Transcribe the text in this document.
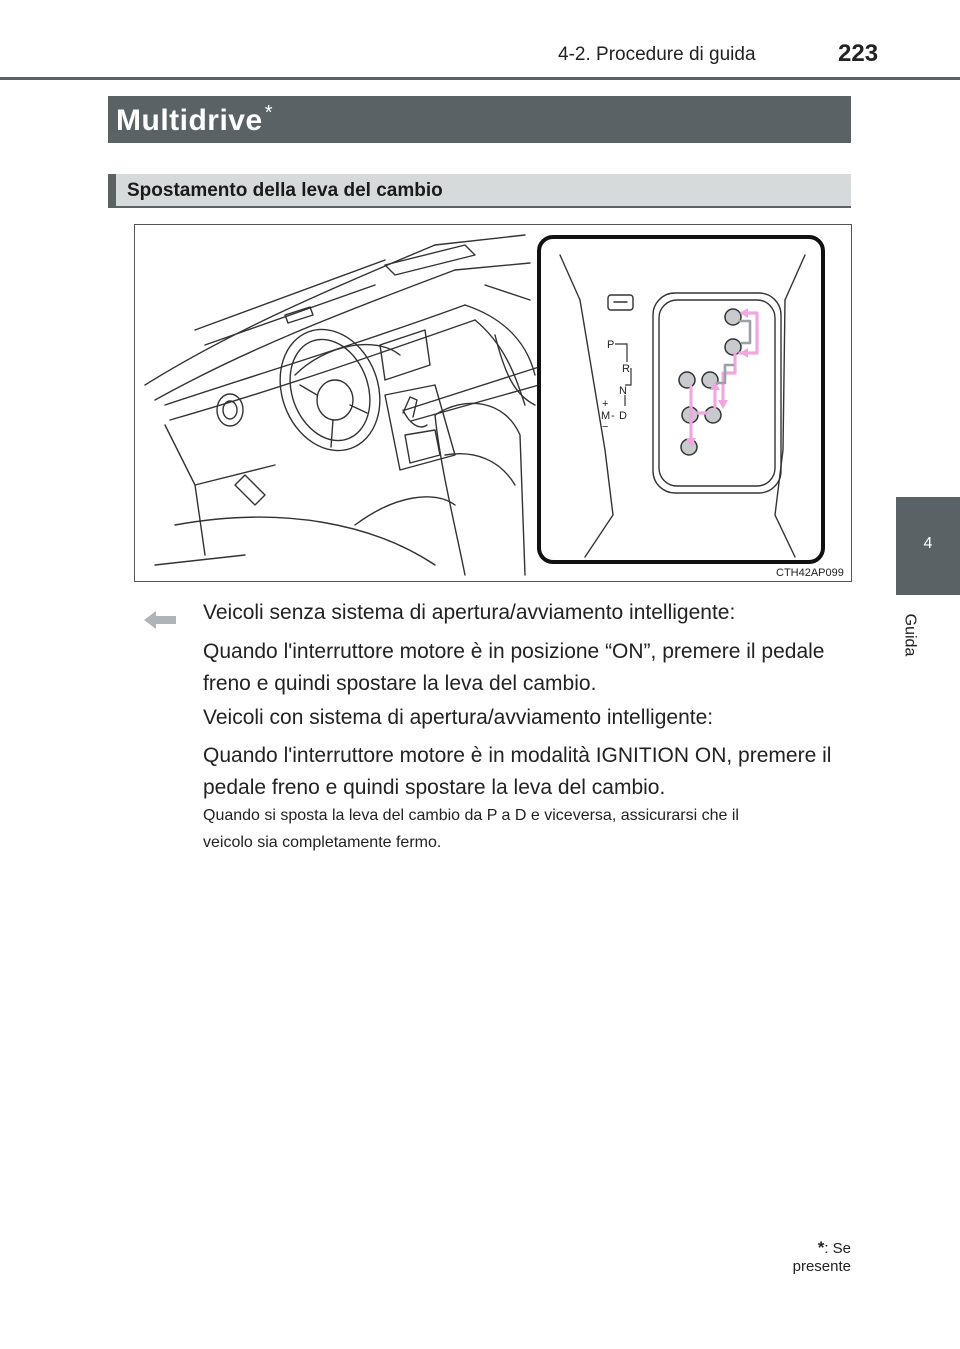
4-2. Procedure di guida	223
Multidrive *
Spostamento della leva del cambio
P
R
N
+
M - D
−
CTH42AP099
4
Guida
Veicoli senza sistema di apertura/avviamento intelligente:
Quando l'interruttore motore è in posizione “ON”, premere il pedale
freno e quindi spostare la leva del cambio.
Veicoli con sistema di apertura/avviamento intelligente:
Quando l'interruttore motore è in modalità IGNITION ON, premere il
pedale freno e quindi spostare la leva del cambio.
Quando si sposta la leva del cambio da P a D e viceversa, assicurarsi che il
veicolo sia completamente fermo.
*: Se presente
